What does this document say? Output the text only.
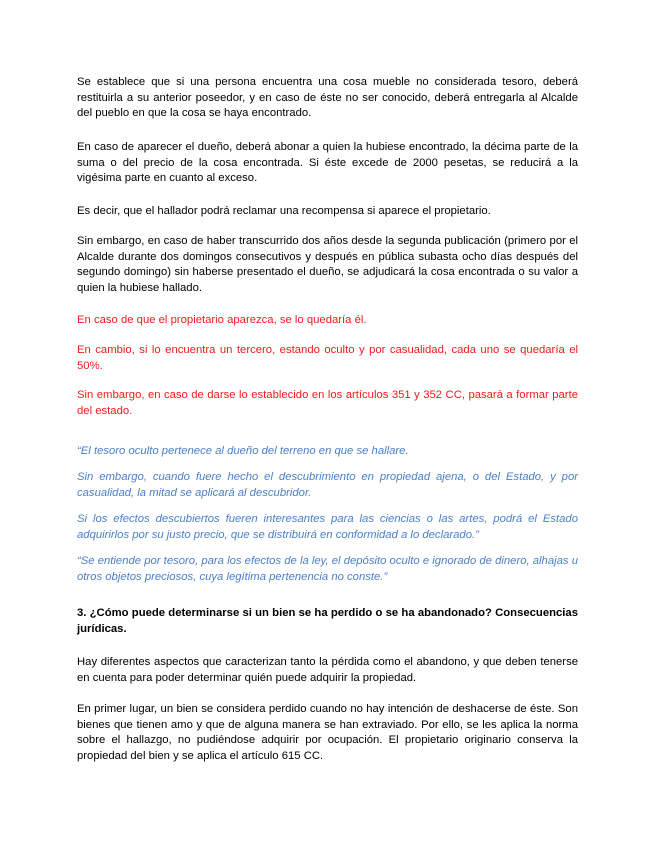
Se establece que si una persona encuentra una cosa mueble no considerada tesoro, deberá restituirla a su anterior poseedor, y en caso de éste no ser conocido, deberá entregarla al Alcalde del pueblo en que la cosa se haya encontrado.

En caso de aparecer el dueño, deberá abonar a quien la hubiese encontrado, la décima parte de la suma o del precio de la cosa encontrada. Si éste excede de 2000 pesetas, se reducirá a la vigésima parte en cuanto al exceso.

Es decir, que el hallador podrá reclamar una recompensa si aparece el propietario.

Sin embargo, en caso de haber transcurrido dos años desde la segunda publicación (primero por el Alcalde durante dos domingos consecutivos y después en pública subasta ocho días después del segundo domingo) sin haberse presentado el dueño, se adjudicará la cosa encontrada o su valor a quien la hubiese hallado.

En caso de que el propietario aparezca, se lo quedaría él.

En cambio, si lo encuentra un tercero, estando oculto y por casualidad, cada uno se quedaría el 50%.

Sin embargo, en caso de darse lo establecido en los artículos 351 y 352 CC, pasará a formar parte del estado.

“El tesoro oculto pertenece al dueño del terreno en que se hallare.

Sin embargo, cuando fuere hecho el descubrimiento en propiedad ajena, o del Estado, y por casualidad, la mitad se aplicará al descubridor.

Si los efectos descubiertos fueren interesantes para las ciencias o las artes, podrá el Estado adquirirlos por su justo precio, que se distribuirá en conformidad a lo declarado.”

“Se entiende por tesoro, para los efectos de la ley, el depósito oculto e ignorado de dinero, alhajas u otros objetos preciosos, cuya legítima pertenencia no conste.”

3. ¿Cómo puede determinarse si un bien se ha perdido o se ha abandonado? Consecuencias jurídicas.

Hay diferentes aspectos que caracterizan tanto la pérdida como el abandono, y que deben tenerse en cuenta para poder determinar quién puede adquirir la propiedad.

En primer lugar, un bien se considera perdido cuando no hay intención de deshacerse de éste. Son bienes que tienen amo y que de alguna manera se han extraviado. Por ello, se les aplica la norma sobre el hallazgo, no pudiéndose adquirir por ocupación. El propietario originario conserva la propiedad del bien y se aplica el artículo 615 CC.
